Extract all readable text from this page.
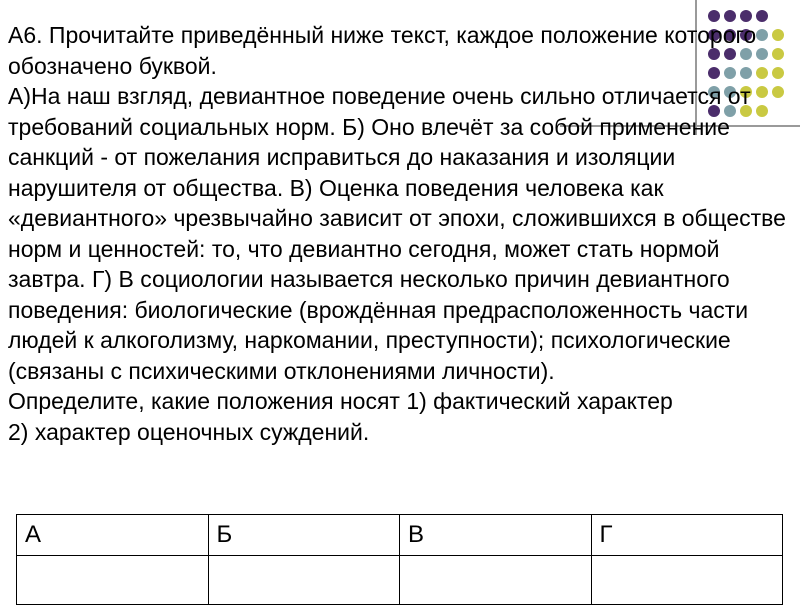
А6. Прочитайте приведённый ниже текст, каждое положение которого обозначено буквой.

А)На наш взгляд, девиантное поведение очень сильно отличается от требований социальных норм. Б) Оно влечёт за собой применение санкций - от пожелания исправиться до наказания и изоляции нарушителя от общества. В) Оценка поведения человека как «девиантного» чрезвычайно зависит от эпохи, сложившихся в обществе норм и ценностей: то, что девиантно сегодня, может стать нормой завтра. Г) В социологии называется несколько причин девиантного поведения: биологические (врождённая предрасположенность части людей к алкоголизму, наркомании, преступности); психологические (связаны с психическими отклонениями личности).

Определите, какие положения носят 1) фактический характер

2) характер оценочных суждений.

А	Б	В	Г
